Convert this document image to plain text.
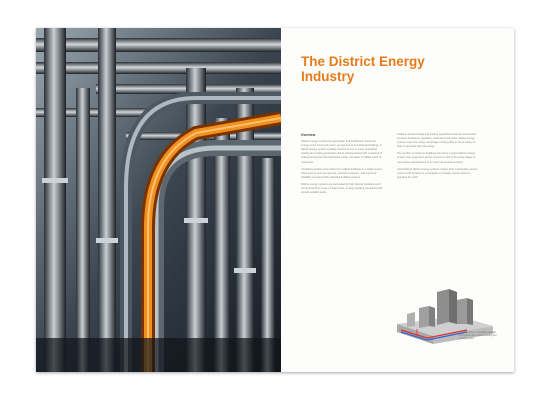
The District Energy Industry

Overview

District energy involves the generation and distribution of thermal energy at the community level, as opposed to at individual buildings. A district energy system typically consists of one or more centralized heating and cooling generation plants interconnected with a network of underground pipes that distributes steam, hot water or chilled water to customers.

Combining heating and cooling for multiple buildings in a single system offers energy and cost savings, reduced emissions, and improved reliability compared with individual building systems.

District energy systems are well suited for high density locations such as the downtown cores of major cities, or large building complexes that provide suitable scale.

Unlike in-house heating and cooling applications that are constrained by space limitations, regulatory restrictions and fuels, district energy systems have the unique advantage of being able to use a variety of fuels to generate thermal energy.

The number of customer buildings served by a typical district energy system may range from as few as three or four in the early stages of new system development to as many as several hundred.

Ownership of district energy systems ranges from municipality-owned, not-for-profit systems to municipally or privately-owned systems operated for profit.

The following is a simplified diagram of a typical urban district heating and cooling system.
